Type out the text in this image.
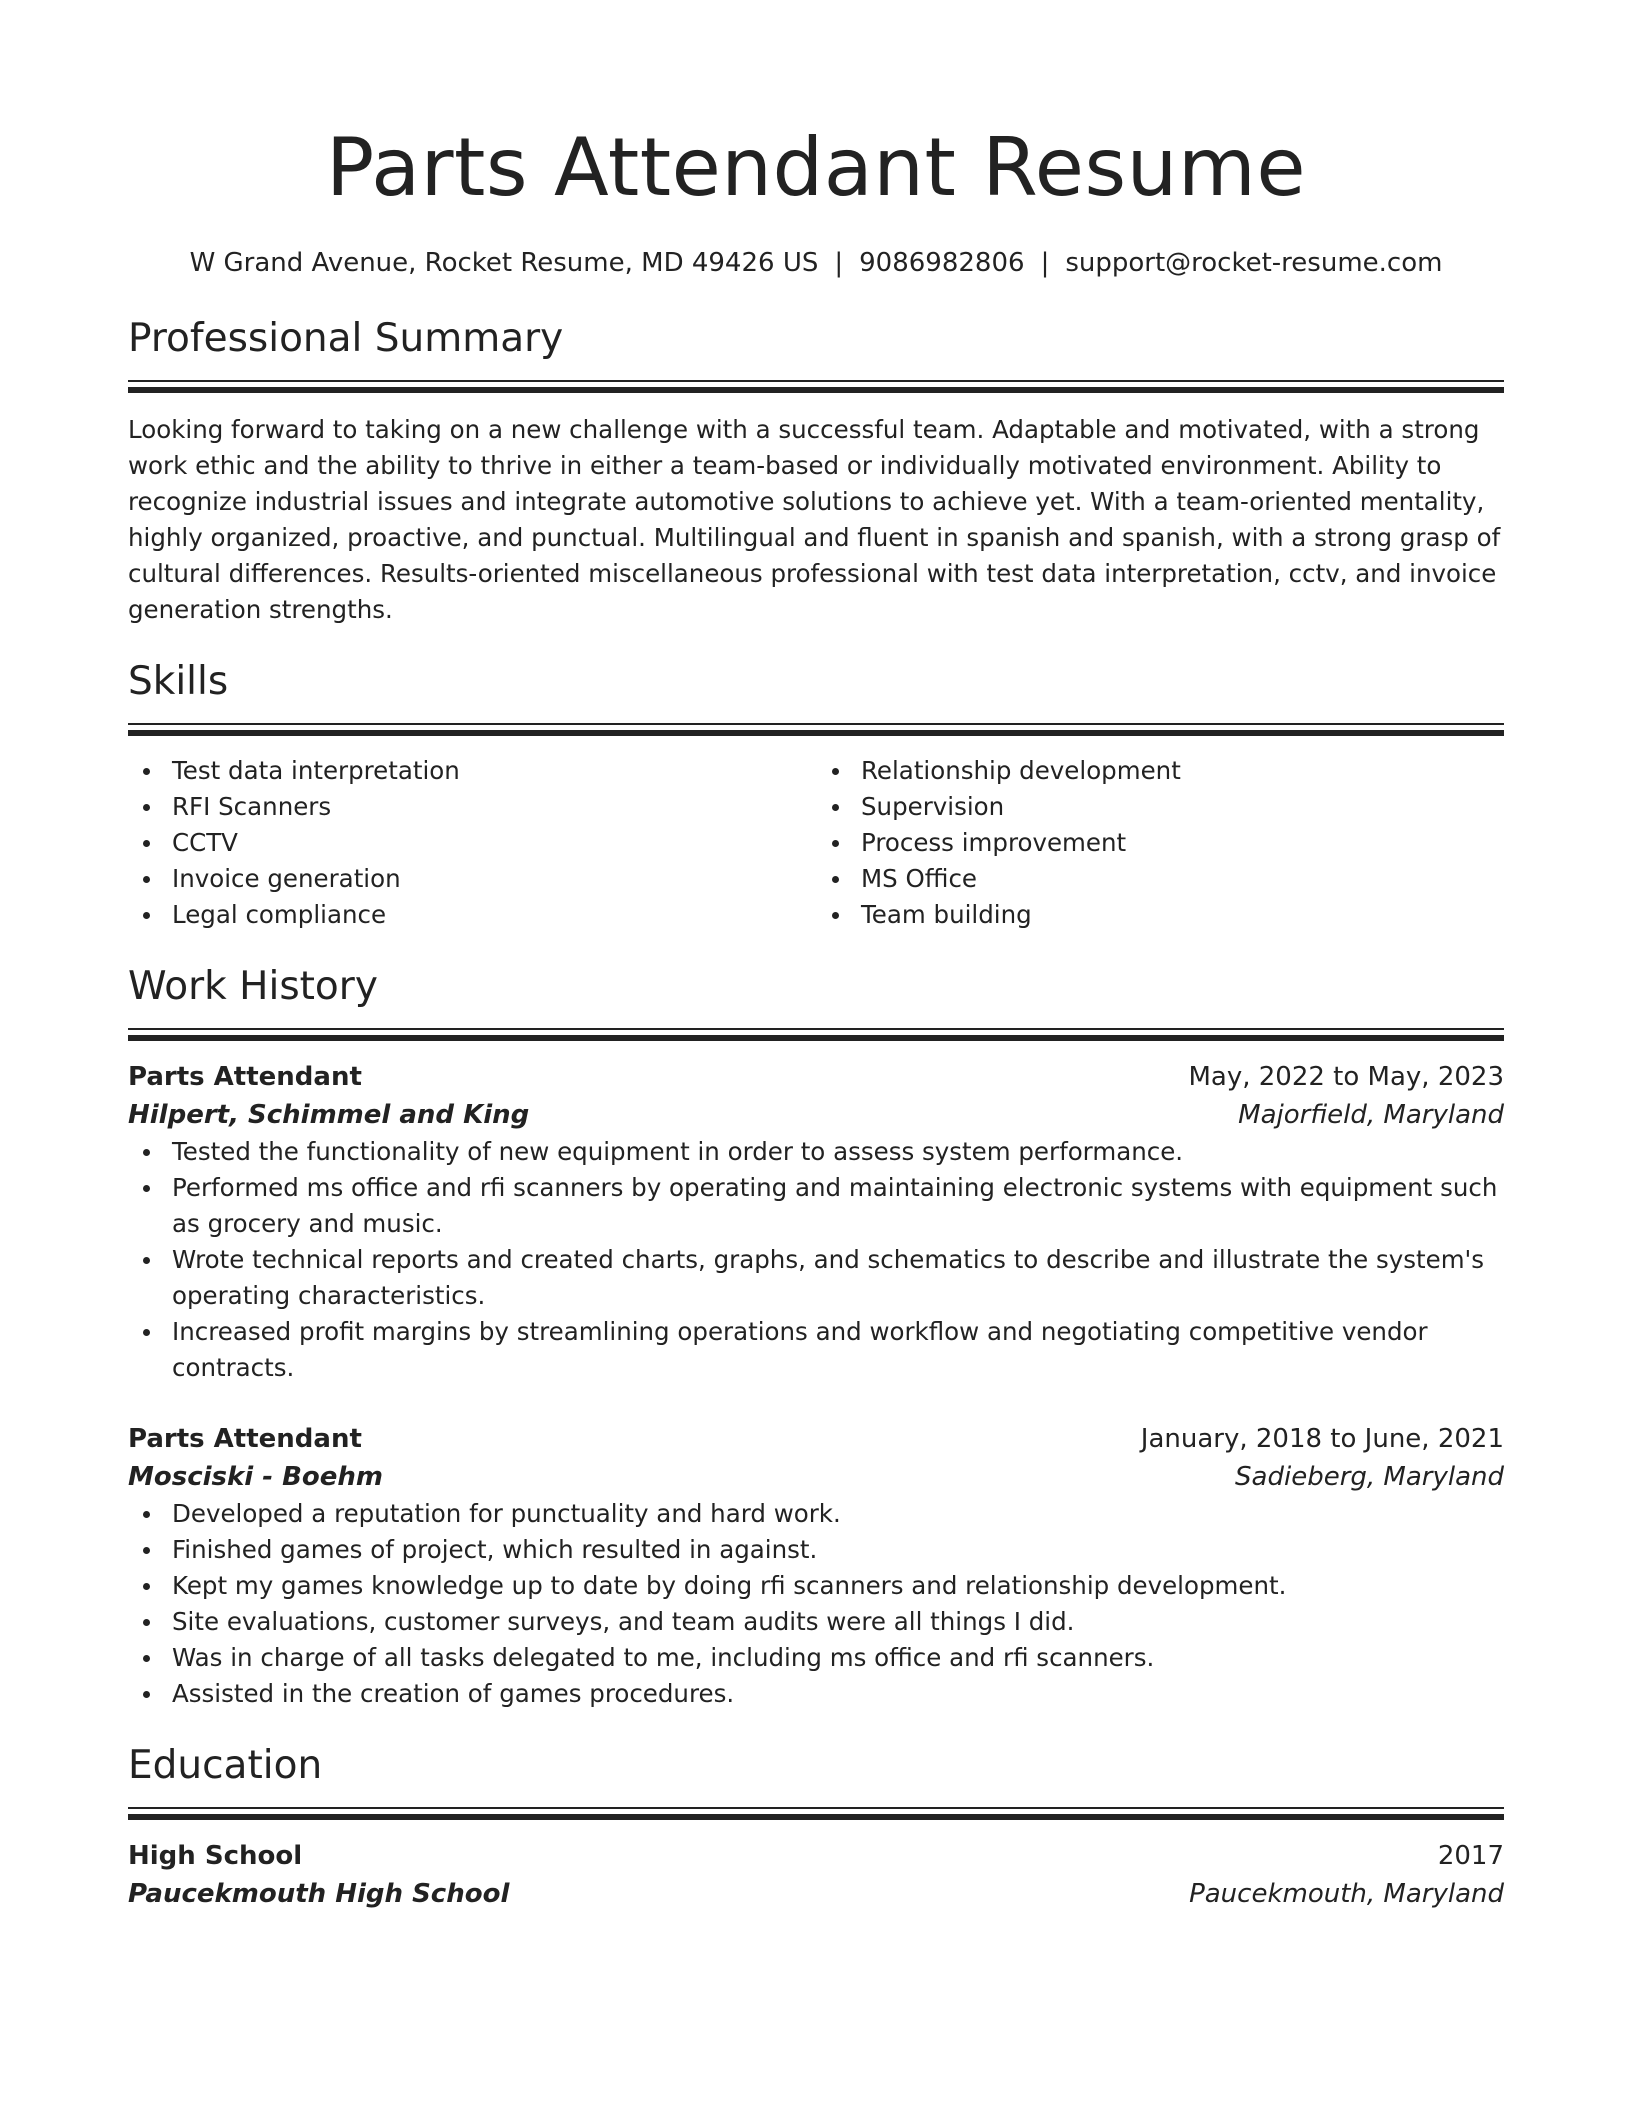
Parts Attendant Resume
W Grand Avenue, Rocket Resume, MD 49426 US | 9086982806 | support@rocket-resume.com
Professional Summary

Looking forward to taking on a new challenge with a successful team. Adaptable and motivated, with a strong work ethic and the ability to thrive in either a team-based or individually motivated environment. Ability to recognize industrial issues and integrate automotive solutions to achieve yet. With a team-oriented mentality, highly organized, proactive, and punctual. Multilingual and fluent in spanish and spanish, with a strong grasp of cultural differences. Results-oriented miscellaneous professional with test data interpretation, cctv, and invoice generation strengths.

Skills
Test data interpretation
RFI Scanners
CCTV
Invoice generation
Legal compliance
Relationship development
Supervision
Process improvement
MS Office
Team building
Work History
Parts Attendant	May, 2022 to May, 2023
Hilpert, Schimmel and King	Majorfield, Maryland
Tested the functionality of new equipment in order to assess system performance.
Performed ms office and rfi scanners by operating and maintaining electronic systems with equipment such as grocery and music.
Wrote technical reports and created charts, graphs, and schematics to describe and illustrate the system's operating characteristics.
Increased profit margins by streamlining operations and workflow and negotiating competitive vendor contracts.
Parts Attendant	January, 2018 to June, 2021
Mosciski - Boehm	Sadieberg, Maryland
Developed a reputation for punctuality and hard work.
Finished games of project, which resulted in against.
Kept my games knowledge up to date by doing rfi scanners and relationship development.
Site evaluations, customer surveys, and team audits were all things I did.
Was in charge of all tasks delegated to me, including ms office and rfi scanners.
Assisted in the creation of games procedures.
Education
High School	2017
Paucekmouth High School	Paucekmouth, Maryland
